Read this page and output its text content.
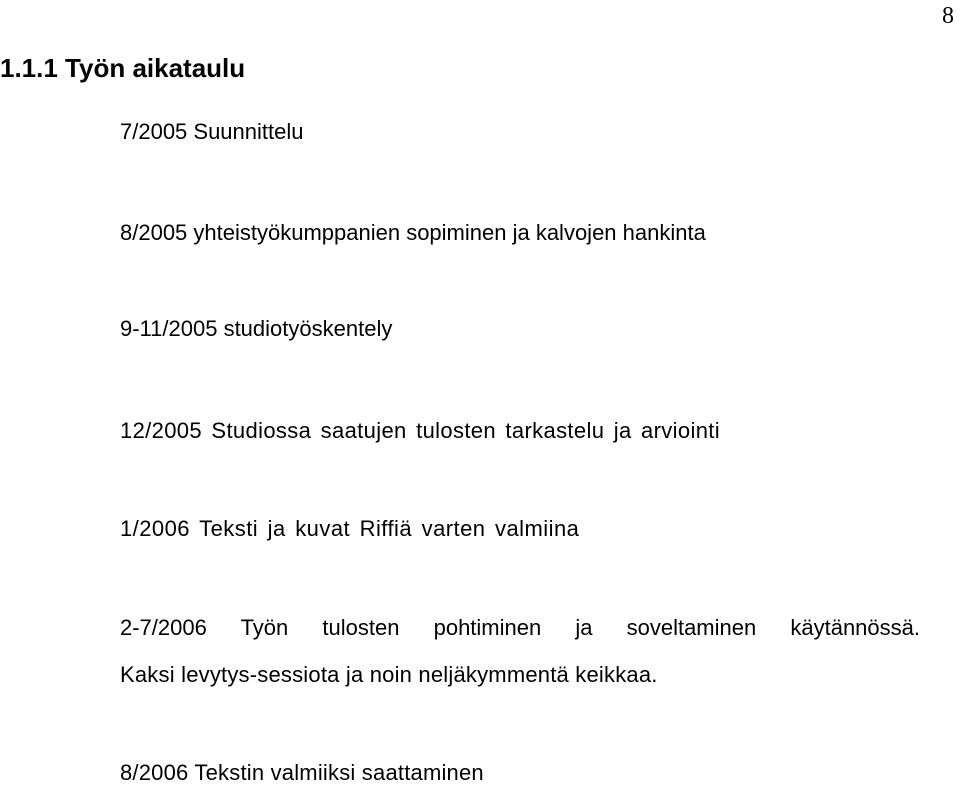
8
1.1.1 Työn aikataulu

7/2005 Suunnittelu

8/2005 yhteistyökumppanien sopiminen ja kalvojen hankinta

9-11/2005 studiotyöskentely

12/2005 Studiossa saatujen tulosten tarkastelu ja arviointi

1/2006 Teksti ja kuvat Riffiä varten valmiina

2-7/2006 Työn tulosten pohtiminen ja soveltaminen käytännössä.

Kaksi levytys-sessiota ja noin neljäkymmentä keikkaa.

8/2006 Tekstin valmiiksi saattaminen
